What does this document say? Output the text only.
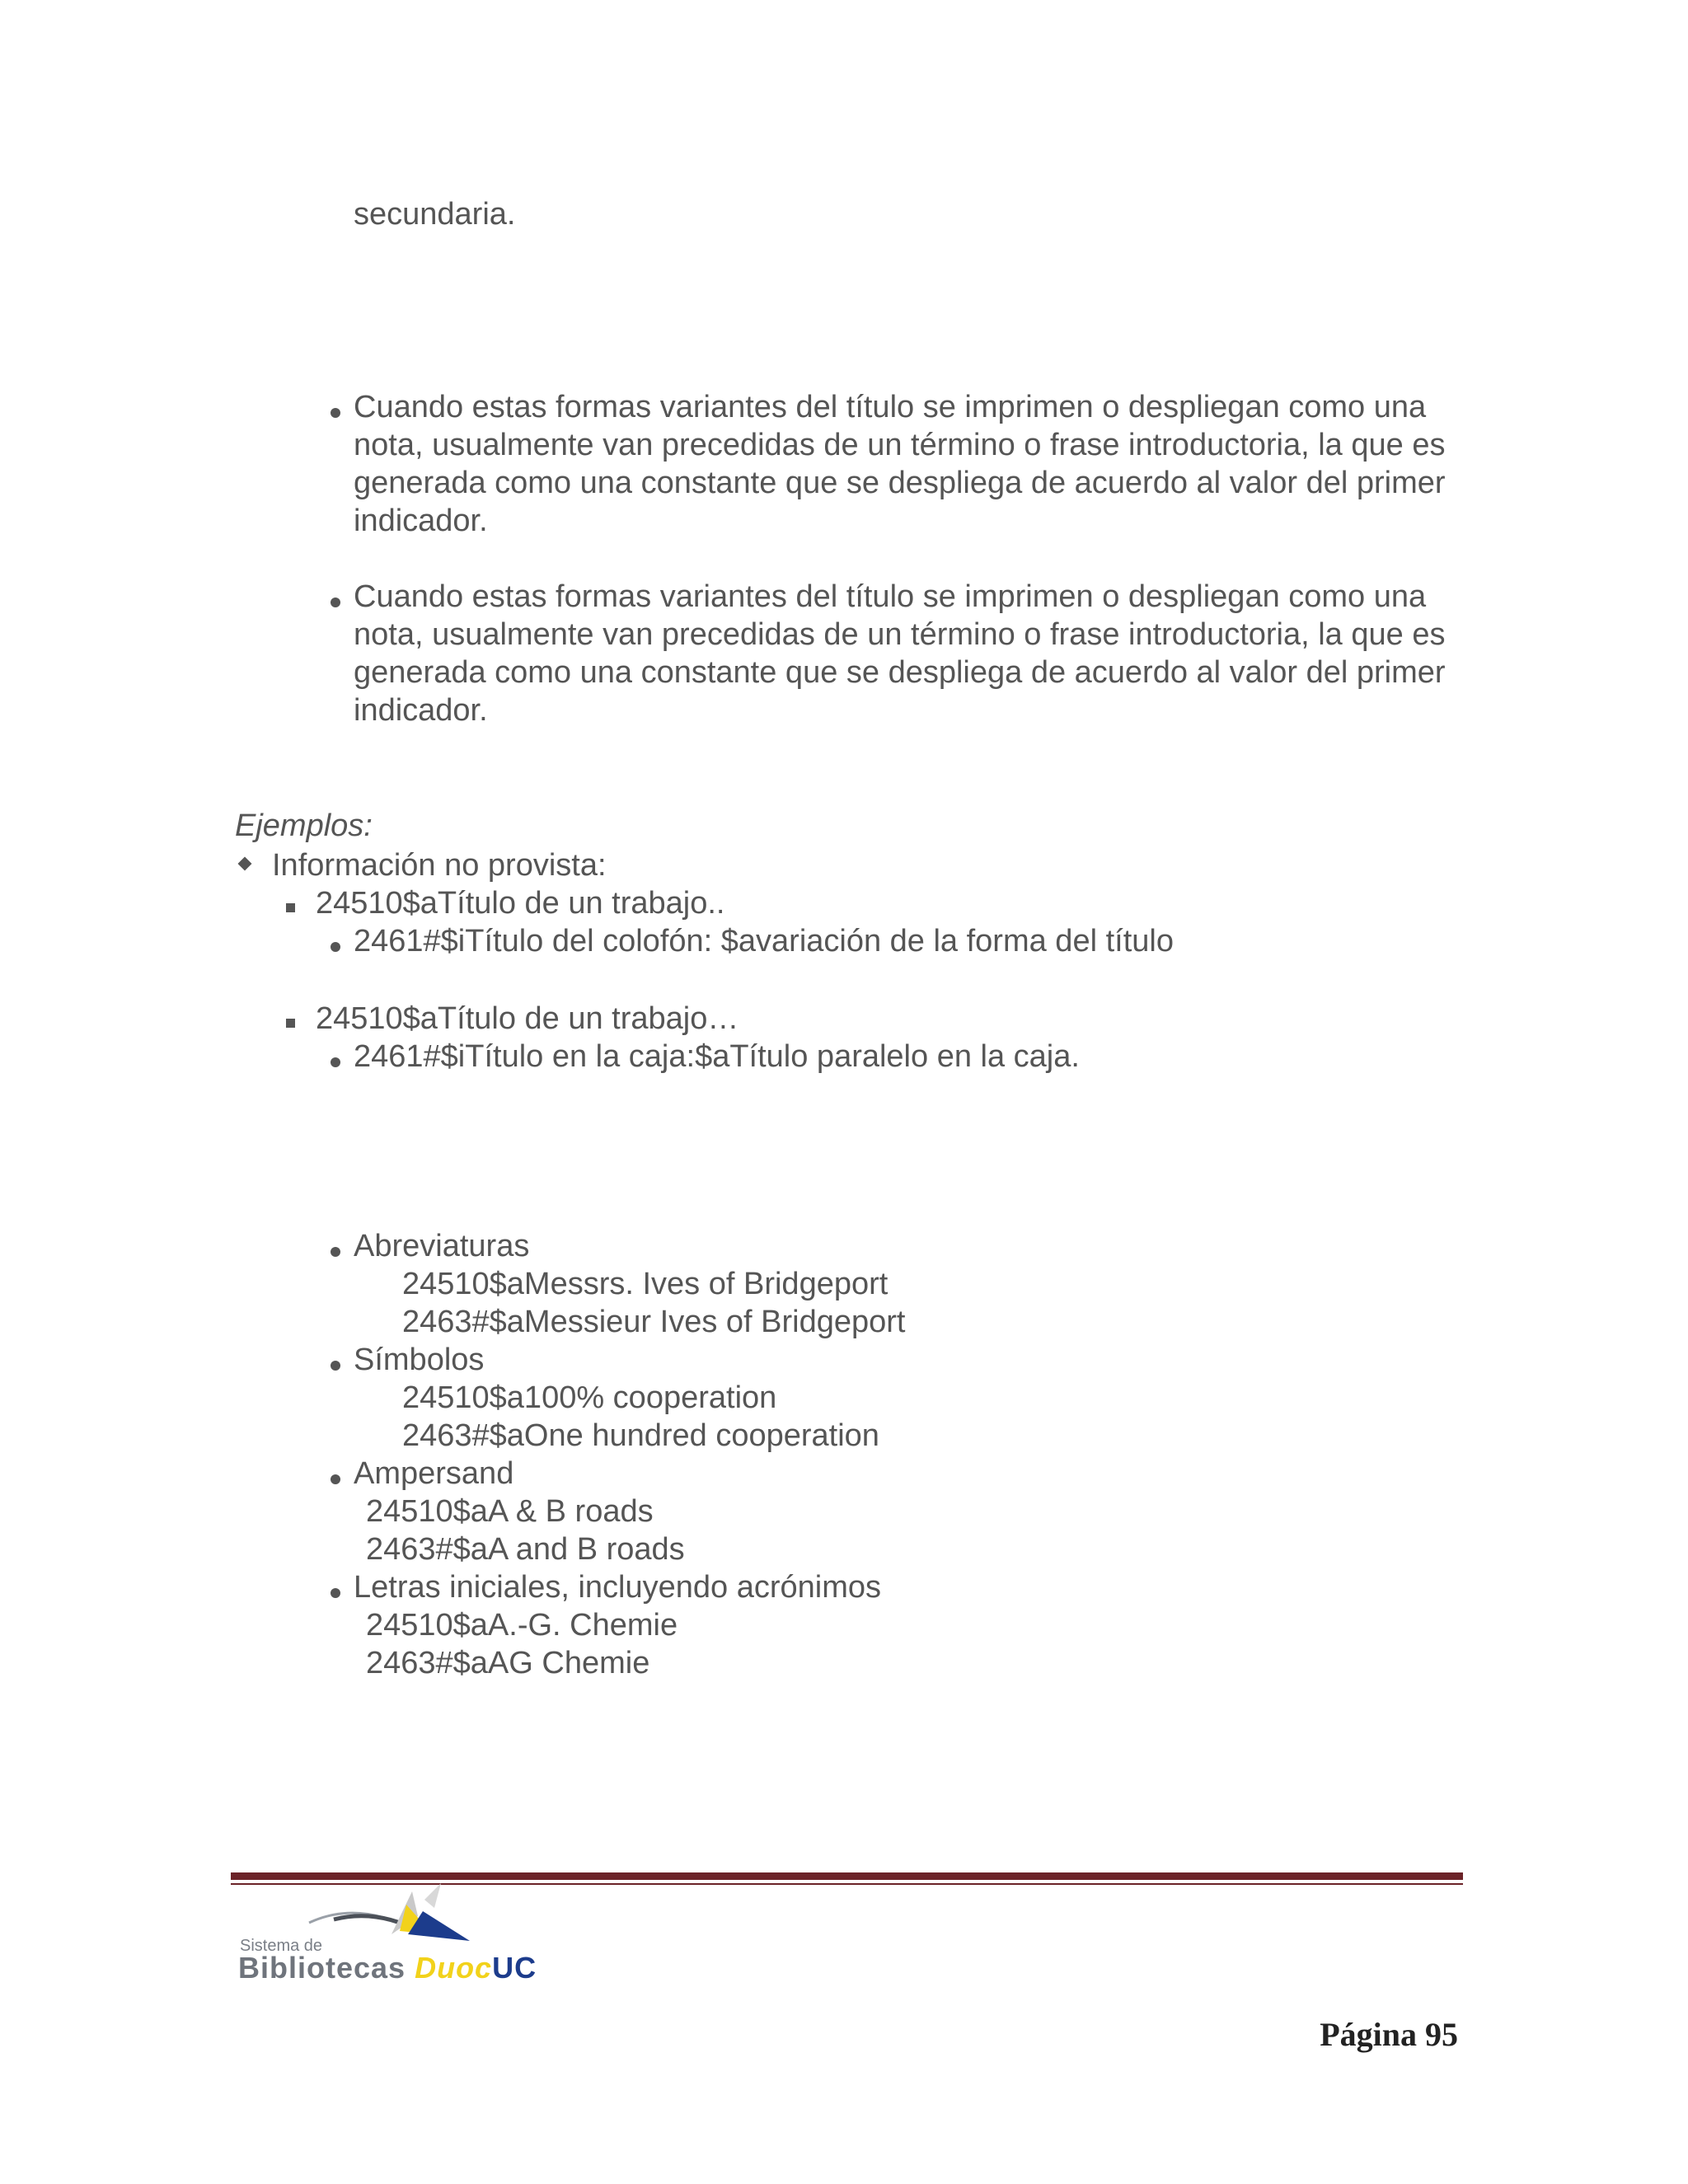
secundaria.
Cuando estas formas variantes del título se imprimen o despliegan como una nota, usualmente van precedidas de un término o frase introductoria, la que es generada como una constante que se despliega de acuerdo al valor del primer indicador.
Cuando estas formas variantes del título se imprimen o despliegan como una nota, usualmente van precedidas de un término o frase introductoria, la que es generada como una constante que se despliega de acuerdo al valor del primer indicador.
Ejemplos:
Información no provista:
24510$aTítulo de un trabajo..
2461#$iTítulo del colofón: $avariación de la forma del título
24510$aTítulo de un trabajo…
2461#$iTítulo en la caja:$aTítulo paralelo en la caja.
Abreviaturas
24510$aMessrs. Ives of Bridgeport
2463#$aMessieur Ives of Bridgeport
Símbolos
24510$a100% cooperation
2463#$aOne hundred cooperation
Ampersand
24510$aA & B roads
2463#$aA and B roads
Letras iniciales, incluyendo acrónimos
24510$aA.-G. Chemie
2463#$aAG Chemie
Sistema de
Bibliotecas DuocUC
Página 95
